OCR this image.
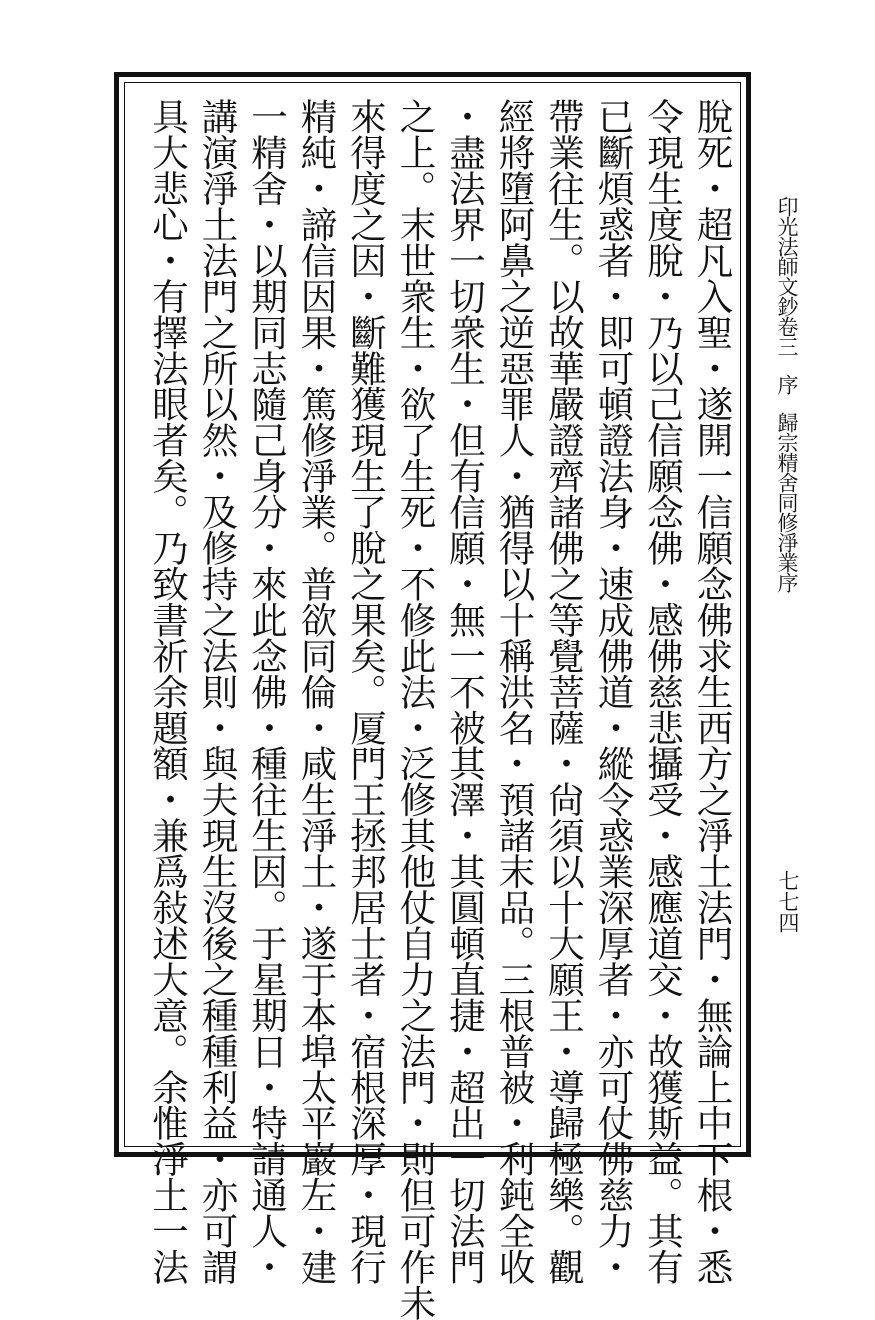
脫死・超凡入聖・遂開一信願念佛求生西方之淨土法門・無論上中下根・悉
令現生度脫・乃以己信願念佛・感佛慈悲攝受・感應道交・故獲斯益。其有
已斷煩惑者・即可頓證法身・速成佛道・縱令惑業深厚者・亦可仗佛慈力・
帶業往生。以故華嚴證齊諸佛之等覺菩薩・尙須以十大願王・導歸極樂。觀
經將墮阿鼻之逆惡罪人・猶得以十稱洪名・預諸末品。三根普被・利鈍全收
・盡法界一切衆生・但有信願・無一不被其澤・其圓頓直捷・超出一切法門
之上。末世衆生・欲了生死・不修此法・泛修其他仗自力之法門・則但可作未
來得度之因・斷難獲現生了脫之果矣。厦門王拯邦居士者・宿根深厚・現行
精純・諦信因果・篤修淨業。普欲同倫・咸生淨土・遂于本埠太平巖左・建
一精舍・以期同志隨己身分・來此念佛・種往生因。于星期日・特請通人・
講演淨土法門之所以然・及修持之法則・與夫現生沒後之種種利益・亦可謂
具大悲心・有擇法眼者矣。乃致書祈余題額・兼爲敍述大意。余惟淨土一法	印光法師文鈔卷三序歸宗精舍同修淨業序
七七四
